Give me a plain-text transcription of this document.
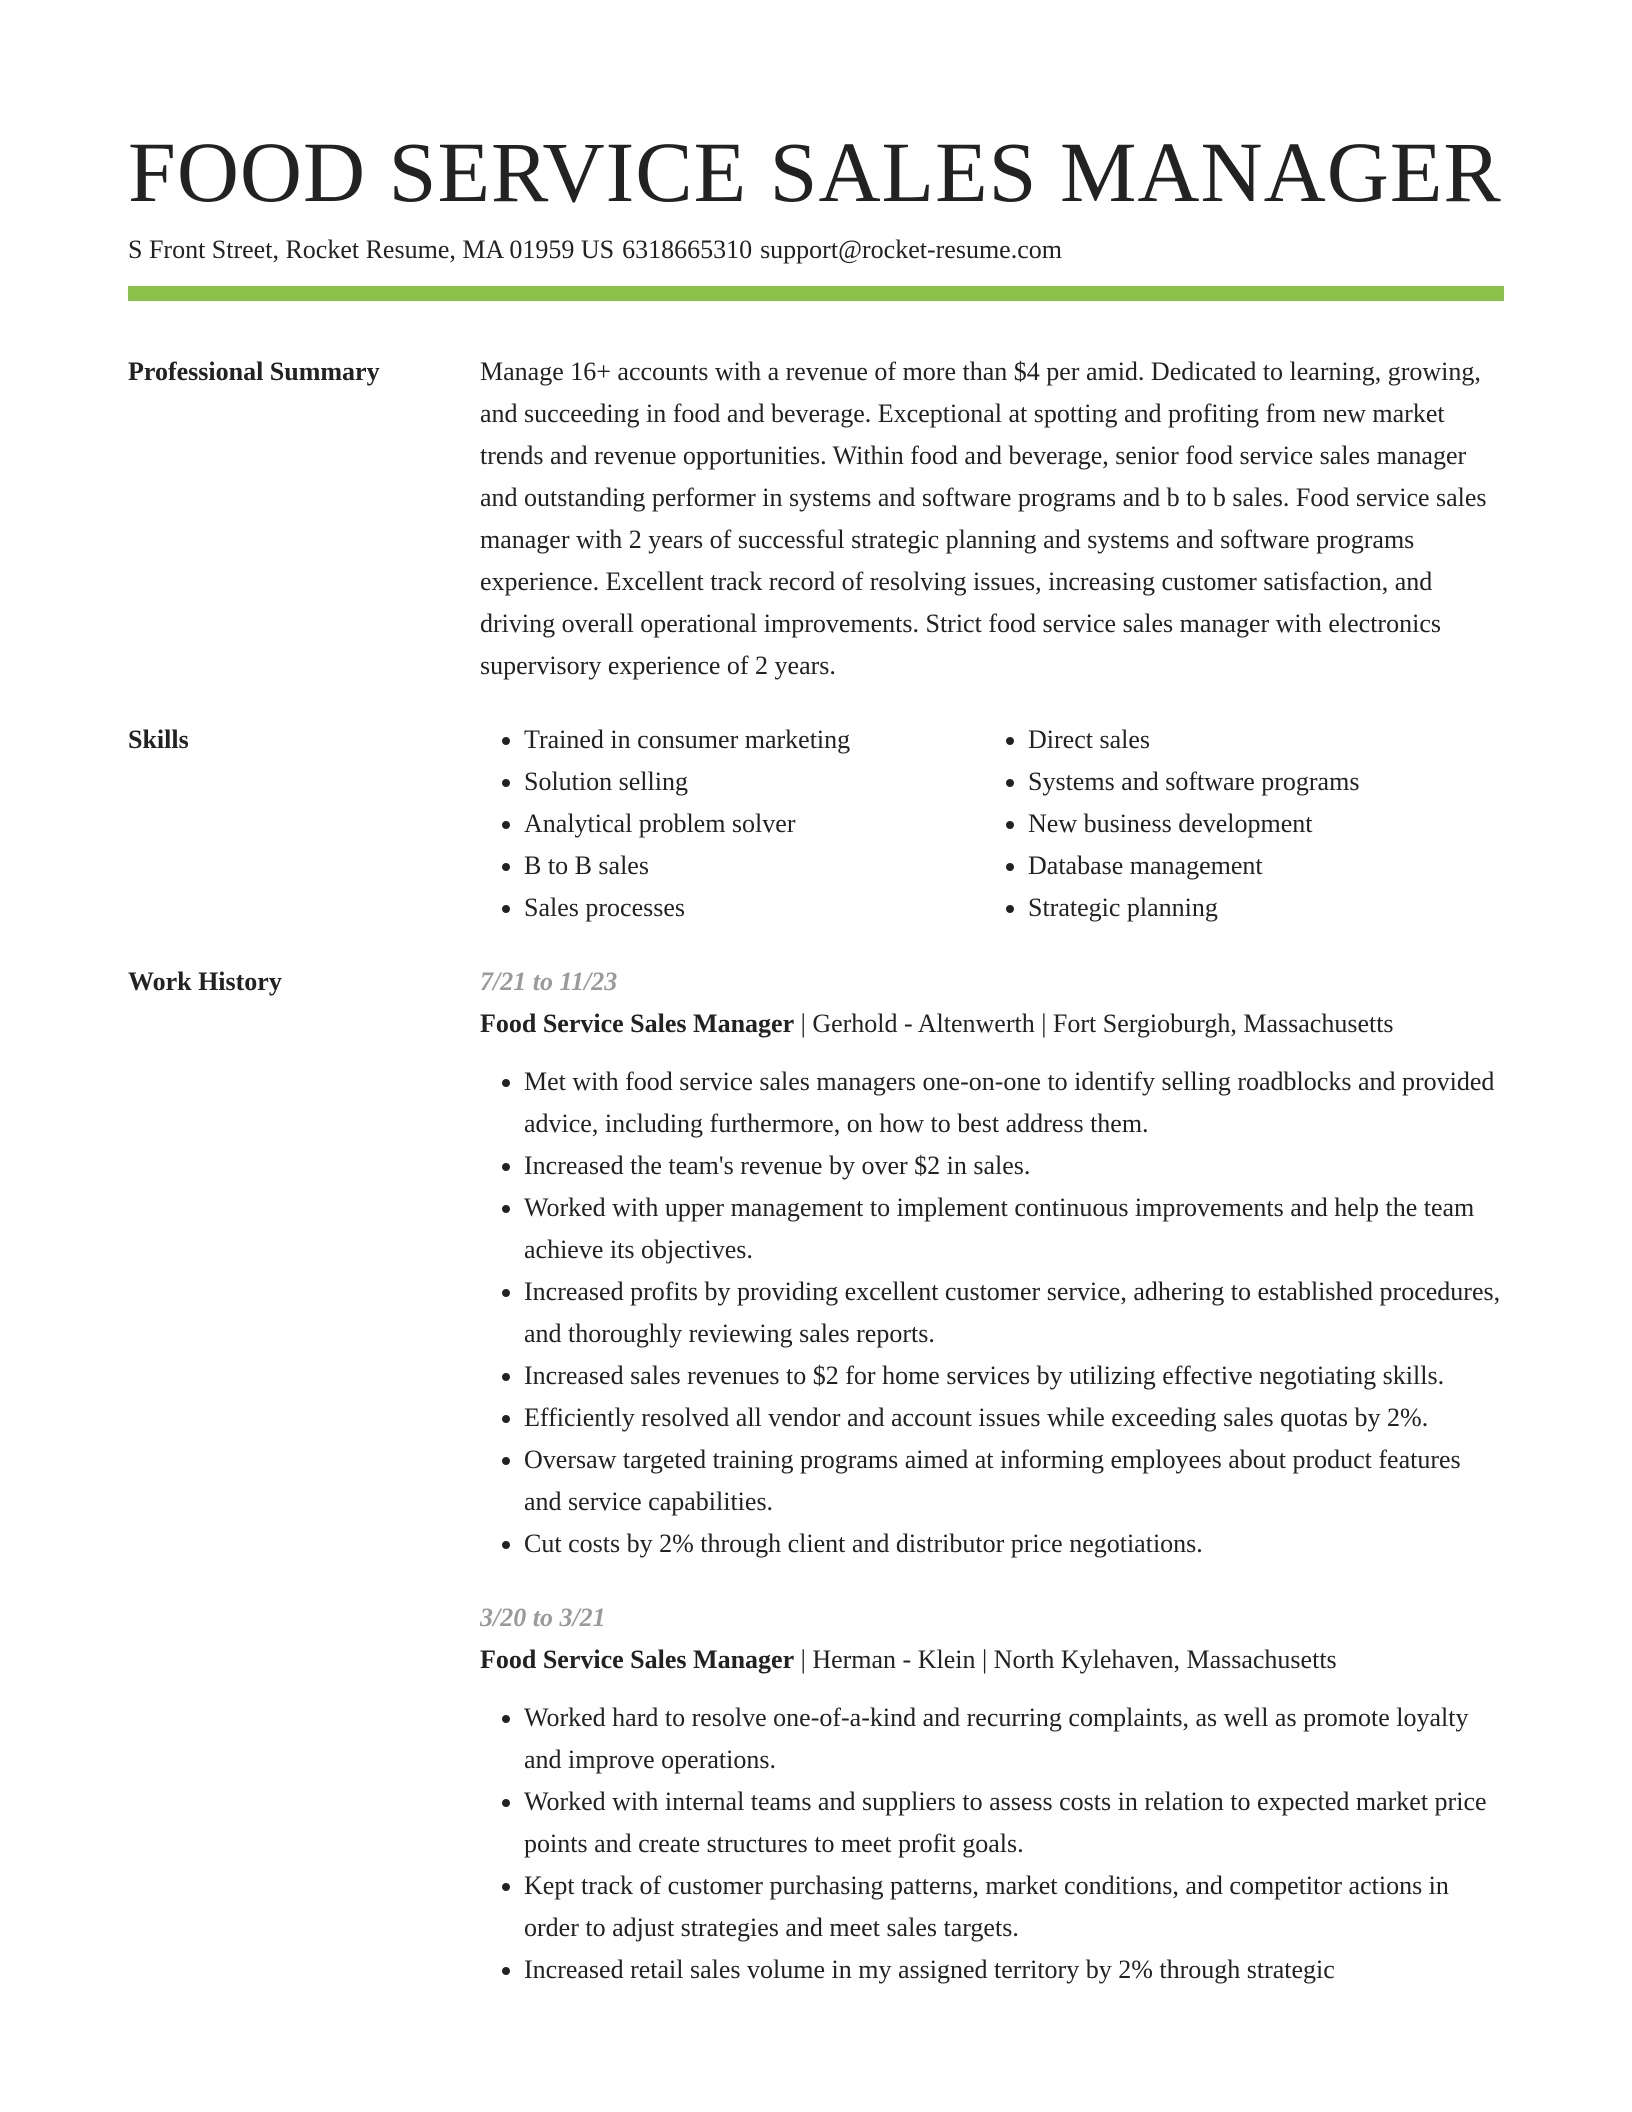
FOOD SERVICE SALES MANAGER
S Front Street, Rocket Resume, MA 01959 US 6318665310 support@rocket-resume.com
Professional Summary	Manage 16+ accounts with a revenue of more than $4 per amid. Dedicated to learning, growing, and succeeding in food and beverage. Exceptional at spotting and profiting from new market trends and revenue opportunities. Within food and beverage, senior food service sales manager and outstanding performer in systems and software programs and b to b sales. Food service sales manager with 2 years of successful strategic planning and systems and software programs experience. Excellent track record of resolving issues, increasing customer satisfaction, and driving overall operational improvements. Strict food service sales manager with electronics supervisory experience of 2 years.

Skills
•	Trained in consumer marketing
• Solution selling
• Analytical problem solver
• B to B sales
• Sales processes
• Direct sales
• Systems and software programs
• New business development
• Database management
• Strategic planning
Work History	7/21 to 11/23
Food Service Sales Manager | Gerhold - Altenwerth | Fort Sergioburgh, Massachusetts
• Met with food service sales managers one-on-one to identify selling roadblocks and provided advice, including furthermore, on how to best address them.
• Increased the team's revenue by over $2 in sales.
• Worked with upper management to implement continuous improvements and help the team achieve its objectives.
• Increased profits by providing excellent customer service, adhering to established procedures, and thoroughly reviewing sales reports.
• Increased sales revenues to $2 for home services by utilizing effective negotiating skills.
• Efficiently resolved all vendor and account issues while exceeding sales quotas by 2%.
• Oversaw targeted training programs aimed at informing employees about product features and service capabilities.
• Cut costs by 2% through client and distributor price negotiations.
3/20 to 3/21
Food Service Sales Manager | Herman - Klein | North Kylehaven, Massachusetts
• Worked hard to resolve one-of-a-kind and recurring complaints, as well as promote loyalty and improve operations.
• Worked with internal teams and suppliers to assess costs in relation to expected market price points and create structures to meet profit goals.
• Kept track of customer purchasing patterns, market conditions, and competitor actions in order to adjust strategies and meet sales targets.
• Increased retail sales volume in my assigned territory by 2% through strategic
